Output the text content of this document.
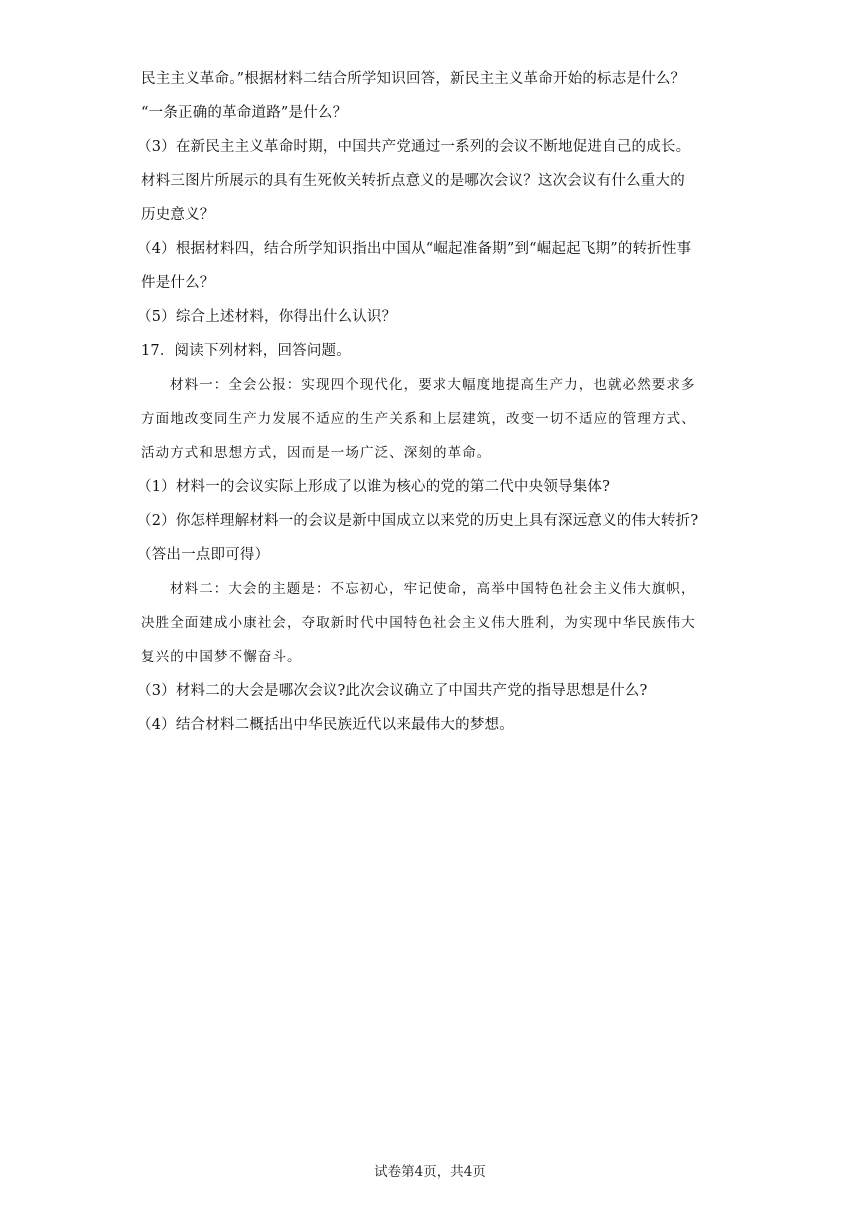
民主主义革命。”根据材料二结合所学知识回答，新民主主义革命开始的标志是什么？
“一条正确的革命道路”是什么？
（3）在新民主主义革命时期，中国共产党通过一系列的会议不断地促进自己的成长。
材料三图片所展示的具有生死攸关转折点意义的是哪次会议？这次会议有什么重大的
历史意义？
（4）根据材料四，结合所学知识指出中国从“崛起准备期”到“崛起起飞期”的转折性事
件是什么？
（5）综合上述材料，你得出什么认识？
17．阅读下列材料，回答问题。
材料一：全会公报：实现四个现代化，要求大幅度地提高生产力，也就必然要求多
方面地改变同生产力发展不适应的生产关系和上层建筑，改变一切不适应的管理方式、
活动方式和思想方式，因而是一场广泛、深刻的革命。
（1）材料一的会议实际上形成了以谁为核心的党的第二代中央领导集体?
（2）你怎样理解材料一的会议是新中国成立以来党的历史上具有深远意义的伟大转折?
（答出一点即可得）
材料二：大会的主题是：不忘初心，牢记使命，高举中国特色社会主义伟大旗帜，
决胜全面建成小康社会，夺取新时代中国特色社会主义伟大胜利，为实现中华民族伟大
复兴的中国梦不懈奋斗。
（3）材料二的大会是哪次会议?此次会议确立了中国共产党的指导思想是什么?
（4）结合材料二概括出中华民族近代以来最伟大的梦想。
试卷第4页，共4页
